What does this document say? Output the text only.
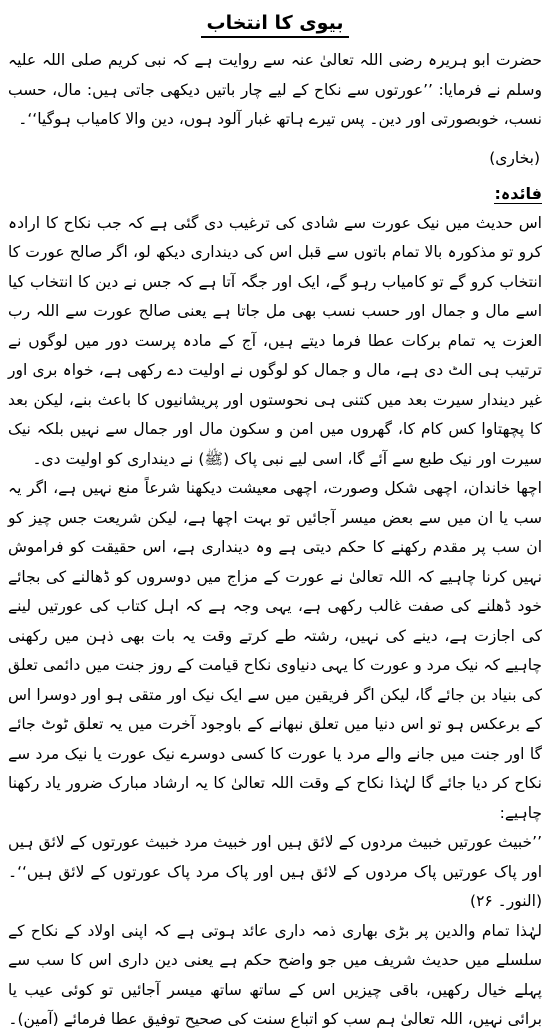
بیوی کا انتخاب

حضرت ابو ہریرہ رضی اللہ تعالیٰ عنہ سے روایت ہے کہ نبی کریم صلی اللہ علیہ وسلم نے فرمایا: ’’عورتوں سے نکاح کے لیے چار باتیں دیکھی جاتی ہیں: مال، حسب نسب، خوبصورتی اور دین۔ پس تیرے ہاتھ غبار آلود ہوں، دین والا کامیاب ہوگیا‘‘۔

(بخاری)
فائدہ:

اس حدیث میں نیک عورت سے شادی کی ترغیب دی گئی ہے کہ جب نکاح کا ارادہ کرو تو مذکورہ بالا تمام باتوں سے قبل اس کی دینداری دیکھ لو، اگر صالح عورت کا انتخاب کرو گے تو کامیاب رہو گے، ایک اور جگہ آتا ہے کہ جس نے دین کا انتخاب کیا اسے مال و جمال اور حسب نسب بھی مل جاتا ہے یعنی صالح عورت سے اللہ رب العزت یہ تمام برکات عطا فرما دیتے ہیں، آج کے مادہ پرست دور میں لوگوں نے ترتیب ہی الٹ دی ہے، مال و جمال کو لوگوں نے اولیت دے رکھی ہے، خواہ بری اور غیر دیندار سیرت بعد میں کتنی ہی نحوستوں اور پریشانیوں کا باعث بنے، لیکن بعد کا پچھتاوا کس کام کا، گھروں میں امن و سکون مال اور جمال سے نہیں بلکہ نیک سیرت اور نیک طبع سے آئے گا، اسی لیے نبی پاک (ﷺ) نے دینداری کو اولیت دی۔

اچھا خاندان، اچھی شکل وصورت، اچھی معیشت دیکھنا شرعاً منع نہیں ہے، اگر یہ سب یا ان میں سے بعض میسر آجائیں تو بہت اچھا ہے، لیکن شریعت جس چیز کو ان سب پر مقدم رکھنے کا حکم دیتی ہے وہ دینداری ہے، اس حقیقت کو فراموش نہیں کرنا چاہیے کہ اللہ تعالیٰ نے عورت کے مزاج میں دوسروں کو ڈھالنے کی بجائے خود ڈھلنے کی صفت غالب رکھی ہے، یہی وجہ ہے کہ اہل کتاب کی عورتیں لینے کی اجازت ہے، دینے کی نہیں، رشتہ طے کرتے وقت یہ بات بھی ذہن میں رکھنی چاہیے کہ نیک مرد و عورت کا یہی دنیاوی نکاح قیامت کے روز جنت میں دائمی تعلق کی بنیاد بن جائے گا، لیکن اگر فریقین میں سے ایک نیک اور متقی ہو اور دوسرا اس کے برعکس ہو تو اس دنیا میں تعلق نبھانے کے باوجود آخرت میں یہ تعلق ٹوٹ جائے گا اور جنت میں جانے والے مرد یا عورت کا کسی دوسرے نیک عورت یا نیک مرد سے نکاح کر دیا جائے گا لہٰذا نکاح کے وقت اللہ تعالیٰ کا یہ ارشاد مبارک ضرور یاد رکھنا چاہیے:

’’خبیث عورتیں خبیث مردوں کے لائق ہیں اور خبیث مرد خبیث عورتوں کے لائق ہیں اور پاک عورتیں پاک مردوں کے لائق ہیں اور پاک مرد پاک عورتوں کے لائق ہیں‘‘۔ (النور۔ ۲۶)

لہٰذا تمام والدین پر بڑی بھاری ذمہ داری عائد ہوتی ہے کہ اپنی اولاد کے نکاح کے سلسلے میں حدیث شریف میں جو واضح حکم ہے یعنی دین داری اس کا سب سے پہلے خیال رکھیں، باقی چیزیں اس کے ساتھ ساتھ میسر آجائیں تو کوئی عیب یا برائی نہیں، اللہ تعالیٰ ہم سب کو اتباع سنت کی صحیح توفیق عطا فرمائے (آمین)۔
